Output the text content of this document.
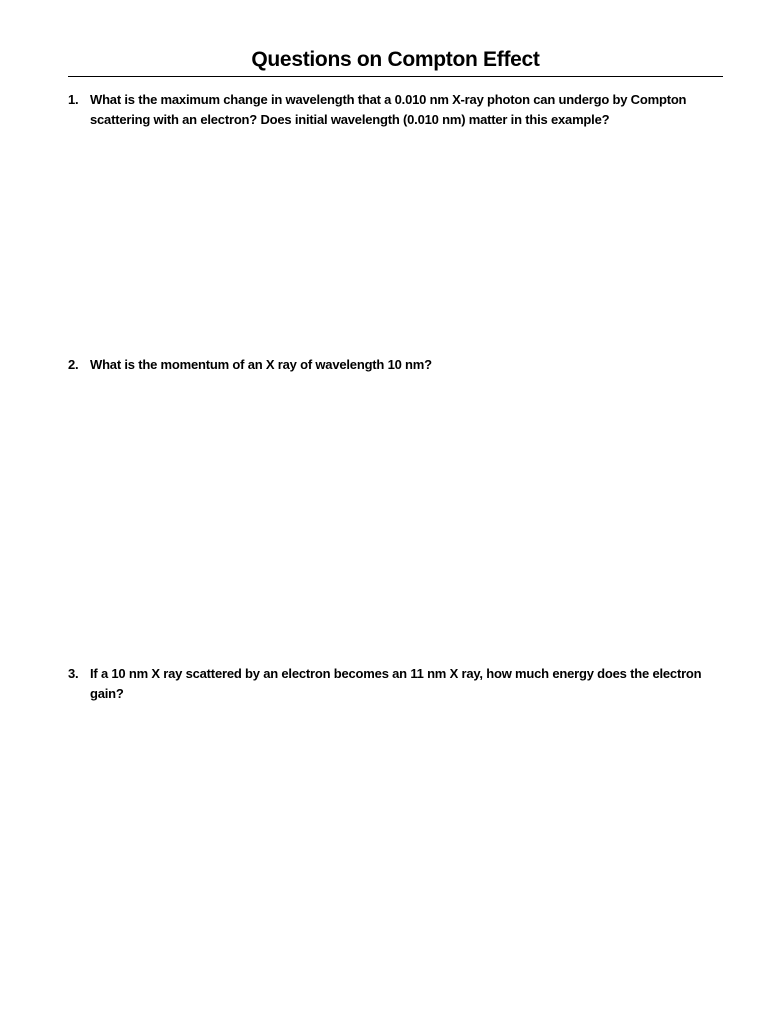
Questions on Compton Effect
1. What is the maximum change in wavelength that a 0.010 nm X-ray photon can undergo by Compton scattering with an electron? Does initial wavelength (0.010 nm) matter in this example?
2. What is the momentum of an X ray of wavelength 10 nm?
3. If a 10 nm X ray scattered by an electron becomes an 11 nm X ray, how much energy does the electron gain?
